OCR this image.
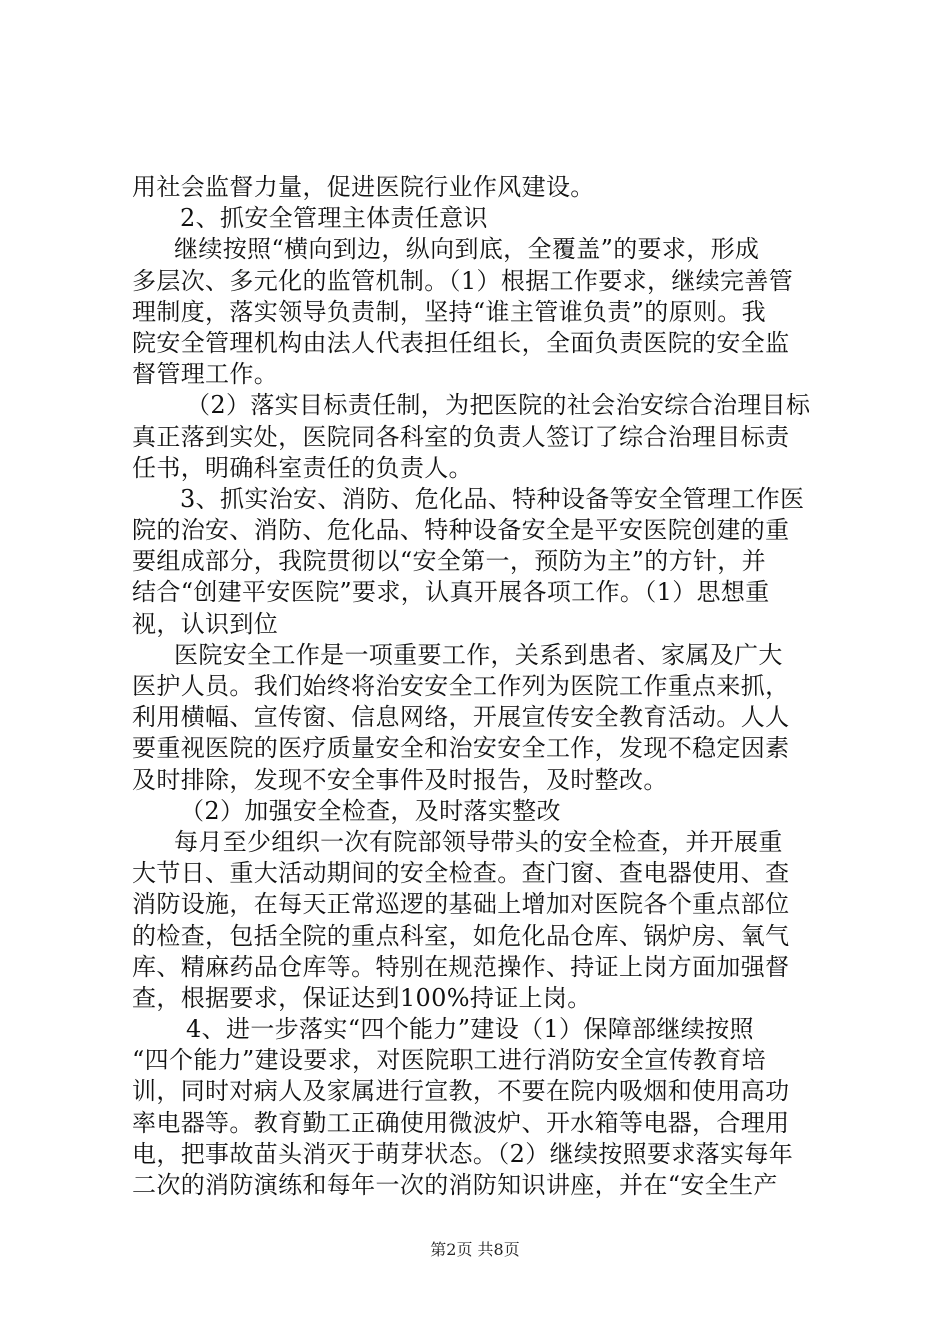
用社会监督力量，促进医院行业作风建设。
2、抓安全管理主体责任意识
继续按照“横向到边，纵向到底，全覆盖”的要求，形成
多层次、多元化的监管机制。（1）根据工作要求，继续完善管
理制度，落实领导负责制，坚持“谁主管谁负责”的原则。我
院安全管理机构由法人代表担任组长，全面负责医院的安全监
督管理工作。
（2）落实目标责任制，为把医院的社会治安综合治理目标
真正落到实处，医院同各科室的负责人签订了综合治理目标责
任书，明确科室责任的负责人。
3、抓实治安、消防、危化品、特种设备等安全管理工作医
院的治安、消防、危化品、特种设备安全是平安医院创建的重
要组成部分，我院贯彻以“安全第一，预防为主”的方针，并
结合“创建平安医院”要求，认真开展各项工作。（1）思想重
视，认识到位
医院安全工作是一项重要工作，关系到患者、家属及广大
医护人员。我们始终将治安安全工作列为医院工作重点来抓，
利用横幅、宣传窗、信息网络，开展宣传安全教育活动。人人
要重视医院的医疗质量安全和治安安全工作，发现不稳定因素
及时排除，发现不安全事件及时报告，及时整改。
（2）加强安全检查，及时落实整改
每月至少组织一次有院部领导带头的安全检查，并开展重
大节日、重大活动期间的安全检查。查门窗、查电器使用、查
消防设施，在每天正常巡逻的基础上增加对医院各个重点部位
的检查，包括全院的重点科室，如危化品仓库、锅炉房、氧气
库、精麻药品仓库等。特别在规范操作、持证上岗方面加强督
查，根据要求，保证达到100%持证上岗。
4、进一步落实“四个能力”建设（1）保障部继续按照
“四个能力”建设要求，对医院职工进行消防安全宣传教育培
训，同时对病人及家属进行宣教，不要在院内吸烟和使用高功
率电器等。教育勤工正确使用微波炉、开水箱等电器，合理用
电，把事故苗头消灭于萌芽状态。（2）继续按照要求落实每年
二次的消防演练和每年一次的消防知识讲座，并在“安全生产
第2页 共8页
